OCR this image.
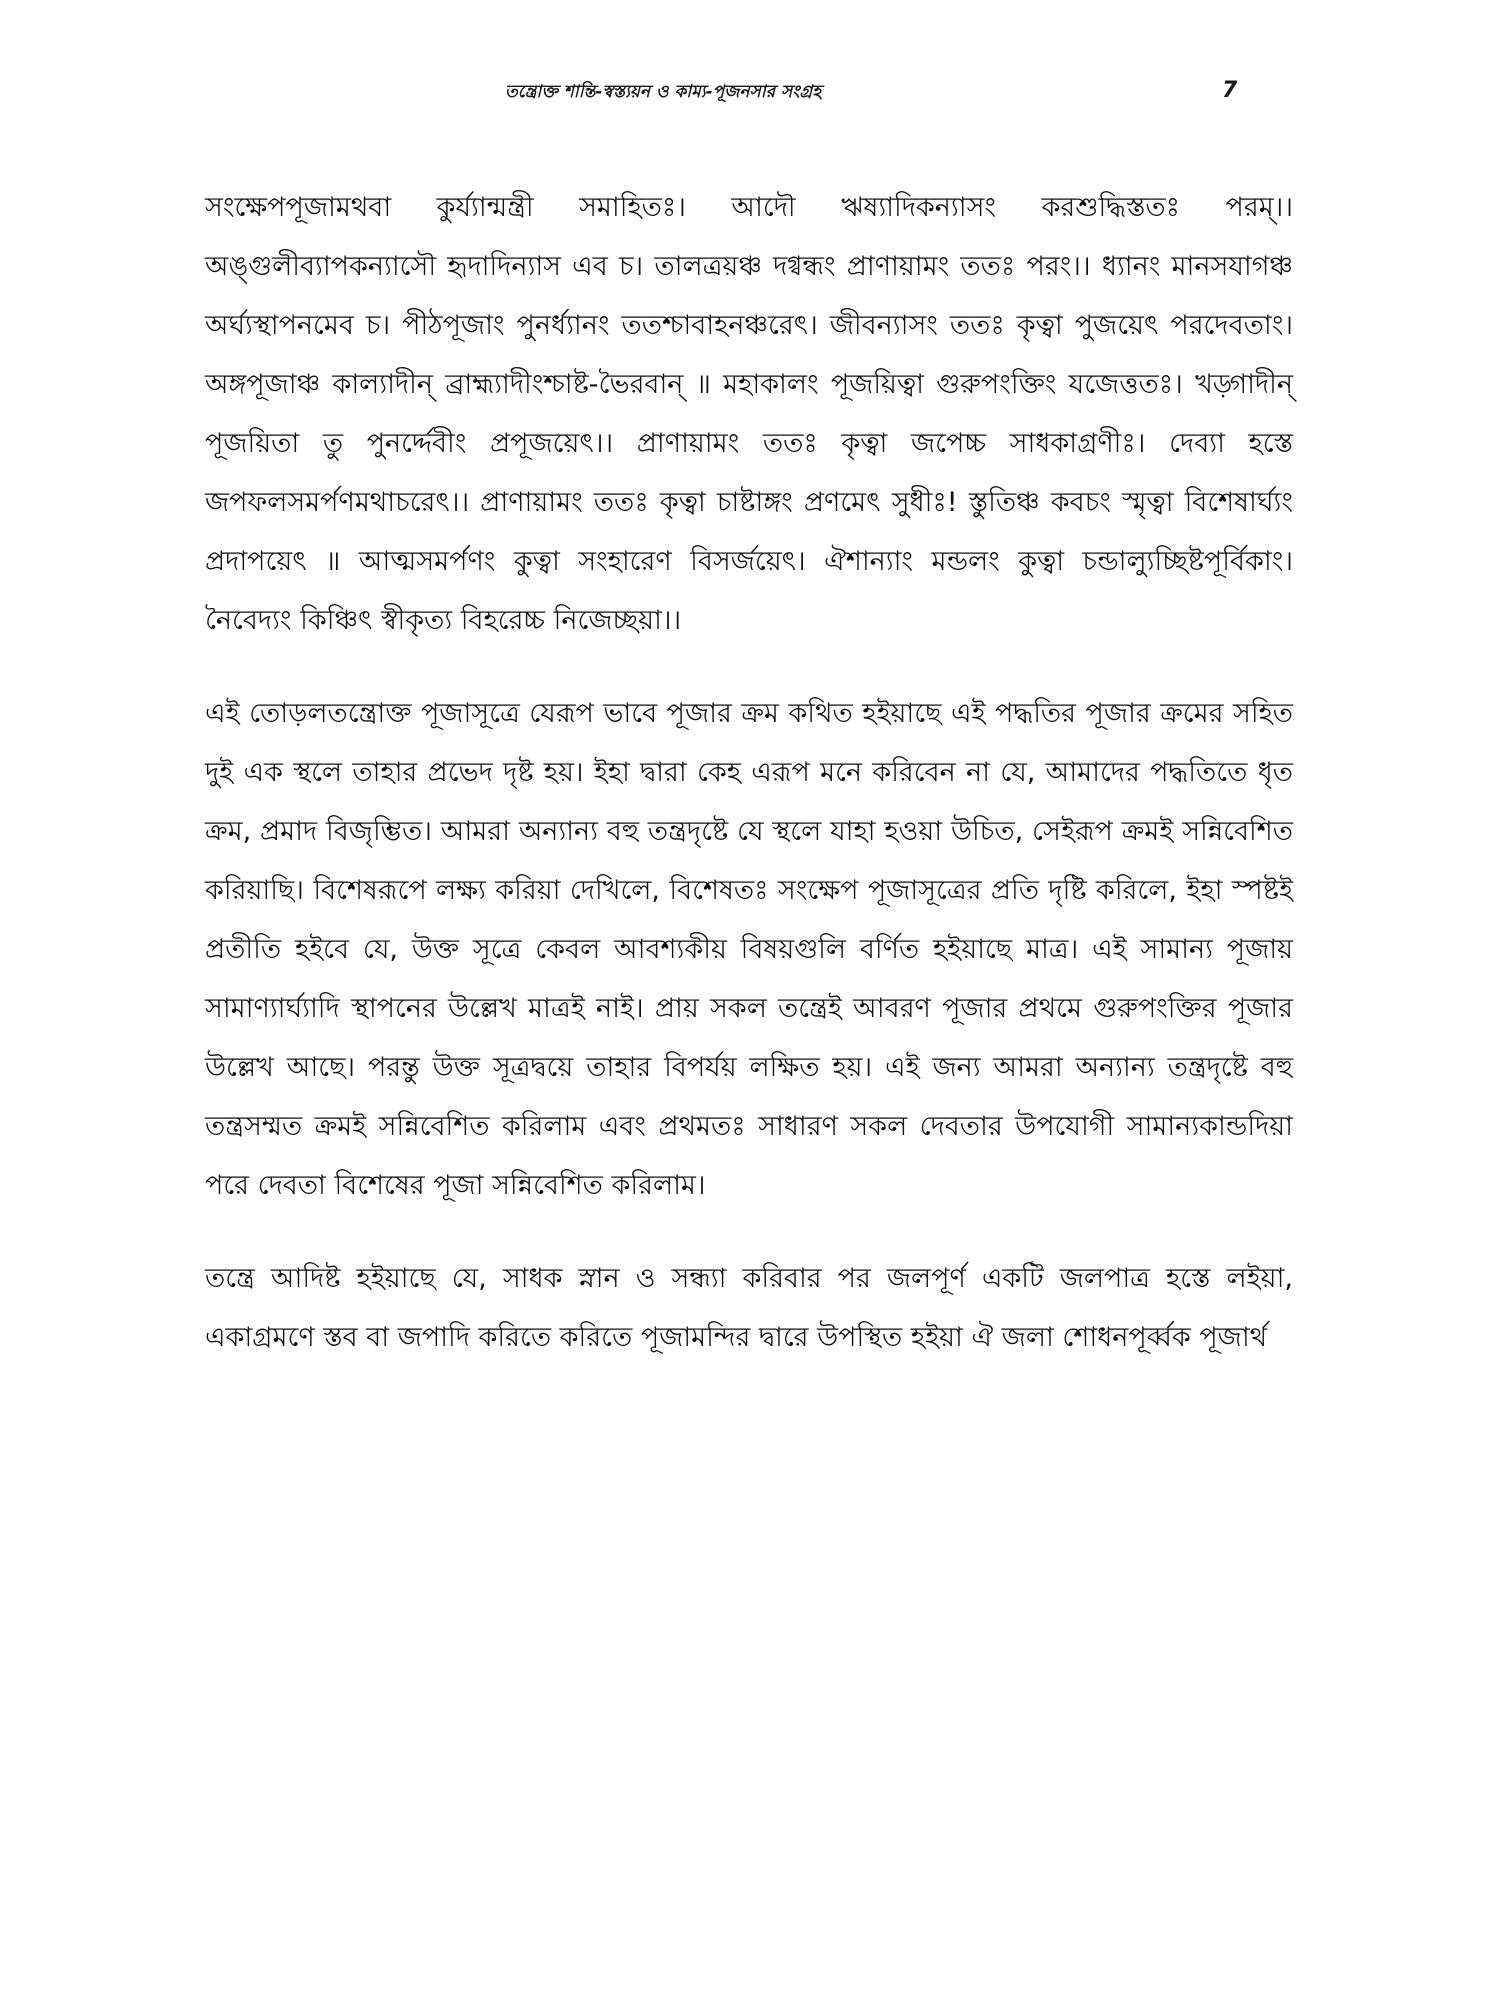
তন্ত্রোক্ত শান্তি-স্বস্ত্যয়ন ও কাম্য-পূজনসার সংগ্রহ	7

সংক্ষেপপূজামথবা কুর্য্যান্মন্ত্রী সমাহিতঃ। আদৌ ঋষ্যাদিকন্যাসং করশুদ্ধিস্ততঃ পরম্।। অঙ্গুলীব্যাপকন্যাসৌ হৃদাদিন্যাস এব চ। তালত্রয়ঞ্চ দগ্বন্ধং প্রাণায়ামং ততঃ পরং।। ধ্যানং মানসযাগঞ্চ অর্ঘ্যস্থাপনমেব চ। পীঠপূজাং পুনর্ধ্যানং ততশ্চাবাহনঞ্চরেৎ। জীবন্যাসং ততঃ কৃত্বা পুজয়েৎ পরদেবতাং। অঙ্গপূজাঞ্চ কাল্যাদীন্ ব্রাহ্ম্যাদীংশ্চাষ্ট-ভৈরবান্ ॥ মহাকালং পূজয়িত্বা গুরুপংক্তিং যজেত্ততঃ। খড়্গাদীন্ পূজয়িতা তু পুনর্দ্দেবীং প্রপূজয়েৎ।। প্রাণায়ামং ততঃ কৃত্বা জপেচ্চ সাধকাগ্রণীঃ। দেব্যা হস্তে জপফলসমর্পণমথাচরেৎ।। প্রাণায়ামং ততঃ কৃত্বা চাষ্টাঙ্গং প্রণমেৎ সুধীঃ! স্তুতিঞ্চ কবচং স্মৃত্বা বিশেষার্ঘ্যং প্রদাপয়েৎ ॥ আত্মসমর্পণং কুত্বা সংহারেণ বিসর্জয়েৎ। ঐশান্যাং মন্ডলং কুত্বা চন্ডাল্যুচ্ছিষ্টপূর্বিকাং। নৈবেদ্যং কিঞ্চিৎ স্বীকৃত্য বিহরেচ্চ নিজেচ্ছয়া।।

এই তোড়লতন্ত্রোক্ত পূজাসূত্রে যেরূপ ভাবে পূজার ক্রম কথিত হইয়াছে এই পদ্ধতির পূজার ক্রমের সহিত দুই এক স্থলে তাহার প্রভেদ দৃষ্ট হয়। ইহা দ্বারা কেহ এরূপ মনে করিবেন না যে, আমাদের পদ্ধতিতে ধৃত ক্রম, প্রমাদ বিজৃম্ভিত। আমরা অন্যান্য বহু তন্ত্রদৃষ্টে যে স্থলে যাহা হওয়া উচিত, সেইরূপ ক্রমই সন্নিবেশিত করিয়াছি। বিশেষরূপে লক্ষ্য করিয়া দেখিলে, বিশেষতঃ সংক্ষেপ পূজাসূত্রের প্রতি দৃষ্টি করিলে, ইহা স্পষ্টই প্রতীতি হইবে যে, উক্ত সূত্রে কেবল আবশ্যকীয় বিষয়গুলি বর্ণিত হইয়াছে মাত্র। এই সামান্য পূজায় সামাণ্যার্ঘ্যাদি স্থাপনের উল্লেখ মাত্রই নাই। প্রায় সকল তন্ত্রেই আবরণ পূজার প্রথমে গুরুপংক্তির পূজার উল্লেখ আছে। পরন্তু উক্ত সূত্রদ্বয়ে তাহার বিপর্যয় লক্ষিত হয়। এই জন্য আমরা অন্যান্য তন্ত্রদৃষ্টে বহু তন্ত্রসম্মত ক্রমই সন্নিবেশিত করিলাম এবং প্রথমতঃ সাধারণ সকল দেবতার উপযোগী সামান্যকান্ডদিয়া পরে দেবতা বিশেষের পূজা সন্নিবেশিত করিলাম।

তন্ত্রে আদিষ্ট হইয়াছে যে, সাধক স্নান ও সন্ধ্যা করিবার পর জলপূর্ণ একটি জলপাত্র হস্তে লইয়া, একাগ্রমণে স্তব বা জপাদি করিতে করিতে পূজামন্দির দ্বারে উপস্থিত হইয়া ঐ জলা শোধনপূর্ব্বক পূজার্থ
